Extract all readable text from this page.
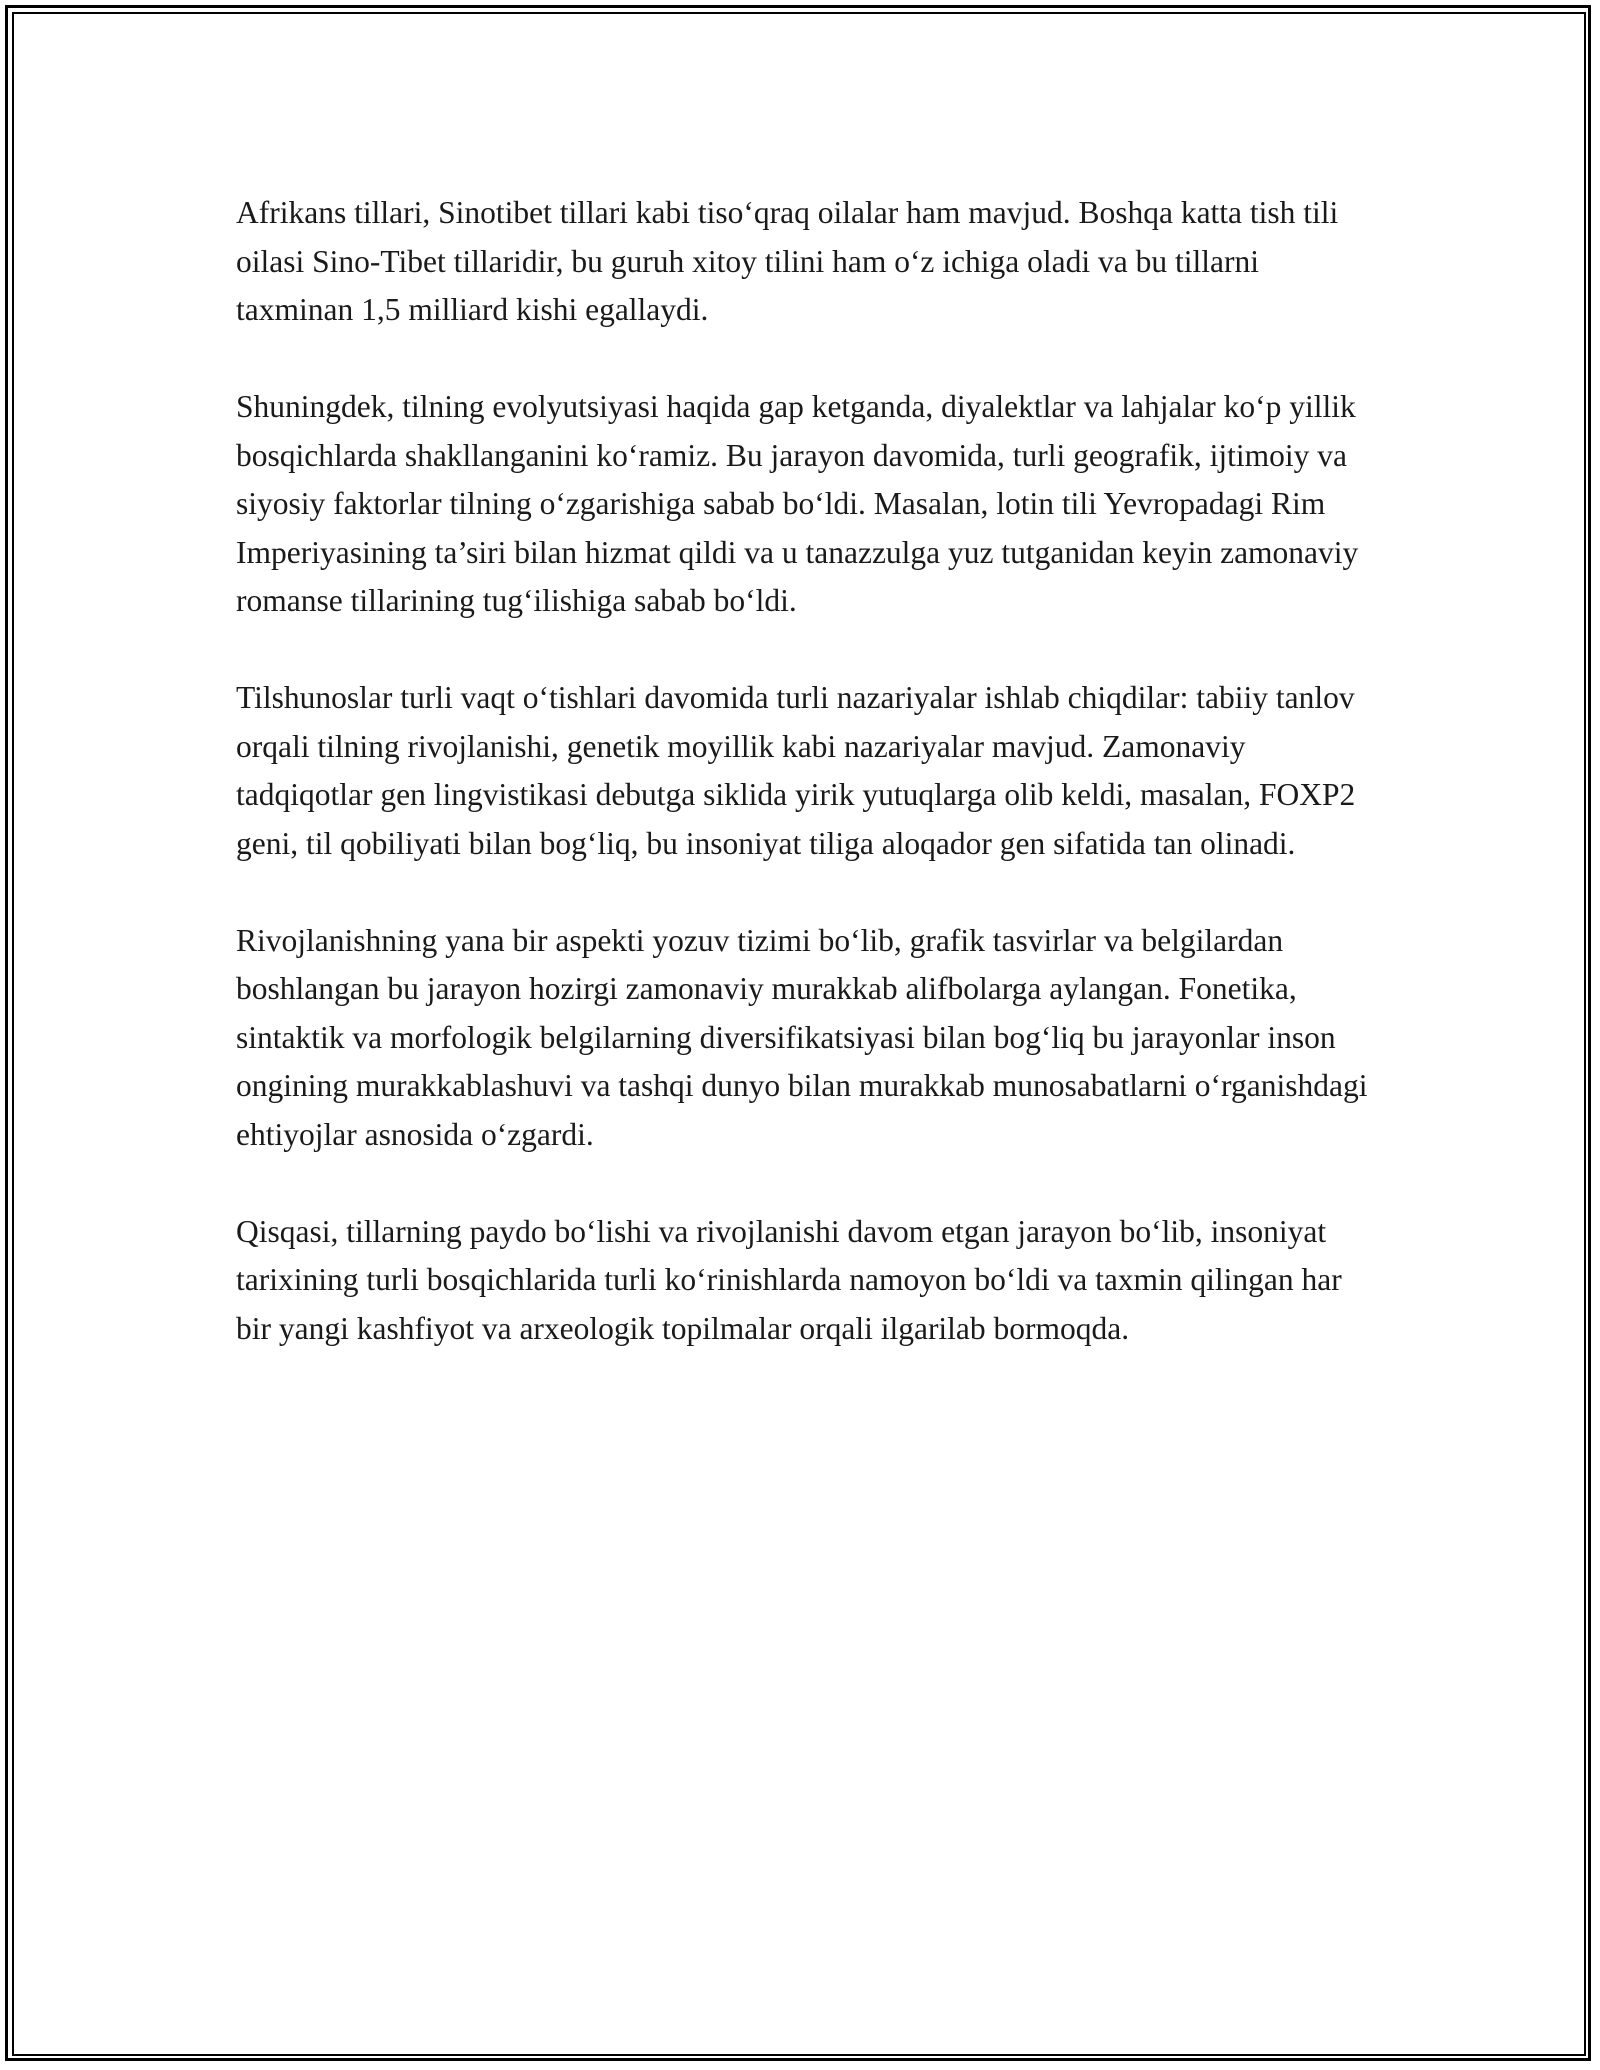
Afrikans tillari, Sinotibet tillari kabi tiso‘qraq oilalar ham mavjud. Boshqa katta tish tili oilasi Sino-Tibet tillaridir, bu guruh xitoy tilini ham o‘z ichiga oladi va bu tillarni taxminan 1,5 milliard kishi egallaydi.

Shuningdek, tilning evolyutsiyasi haqida gap ketganda, diyalektlar va lahjalar ko‘p yillik bosqichlarda shakllanganini ko‘ramiz. Bu jarayon davomida, turli geografik, ijtimoiy va siyosiy faktorlar tilning o‘zgarishiga sabab bo‘ldi. Masalan, lotin tili Yevropadagi Rim Imperiyasining ta’siri bilan hizmat qildi va u tanazzulga yuz tutganidan keyin zamonaviy romanse tillarining tug‘ilishiga sabab bo‘ldi.

Tilshunoslar turli vaqt o‘tishlari davomida turli nazariyalar ishlab chiqdilar: tabiiy tanlov orqali tilning rivojlanishi, genetik moyillik kabi nazariyalar mavjud. Zamonaviy tadqiqotlar gen lingvistikasi debutga siklida yirik yutuqlarga olib keldi, masalan, FOXP2 geni, til qobiliyati bilan bog‘liq, bu insoniyat tiliga aloqador gen sifatida tan olinadi.

Rivojlanishning yana bir aspekti yozuv tizimi bo‘lib, grafik tasvirlar va belgilardan boshlangan bu jarayon hozirgi zamonaviy murakkab alifbolarga aylangan. Fonetika, sintaktik va morfologik belgilarning diversifikatsiyasi bilan bog‘liq bu jarayonlar inson ongining murakkablashuvi va tashqi dunyo bilan murakkab munosabatlarni o‘rganishdagi ehtiyojlar asnosida o‘zgardi.

Qisqasi, tillarning paydo bo‘lishi va rivojlanishi davom etgan jarayon bo‘lib, insoniyat tarixining turli bosqichlarida turli ko‘rinishlarda namoyon bo‘ldi va taxmin qilingan har bir yangi kashfiyot va arxeologik topilmalar orqali ilgarilab bormoqda.
